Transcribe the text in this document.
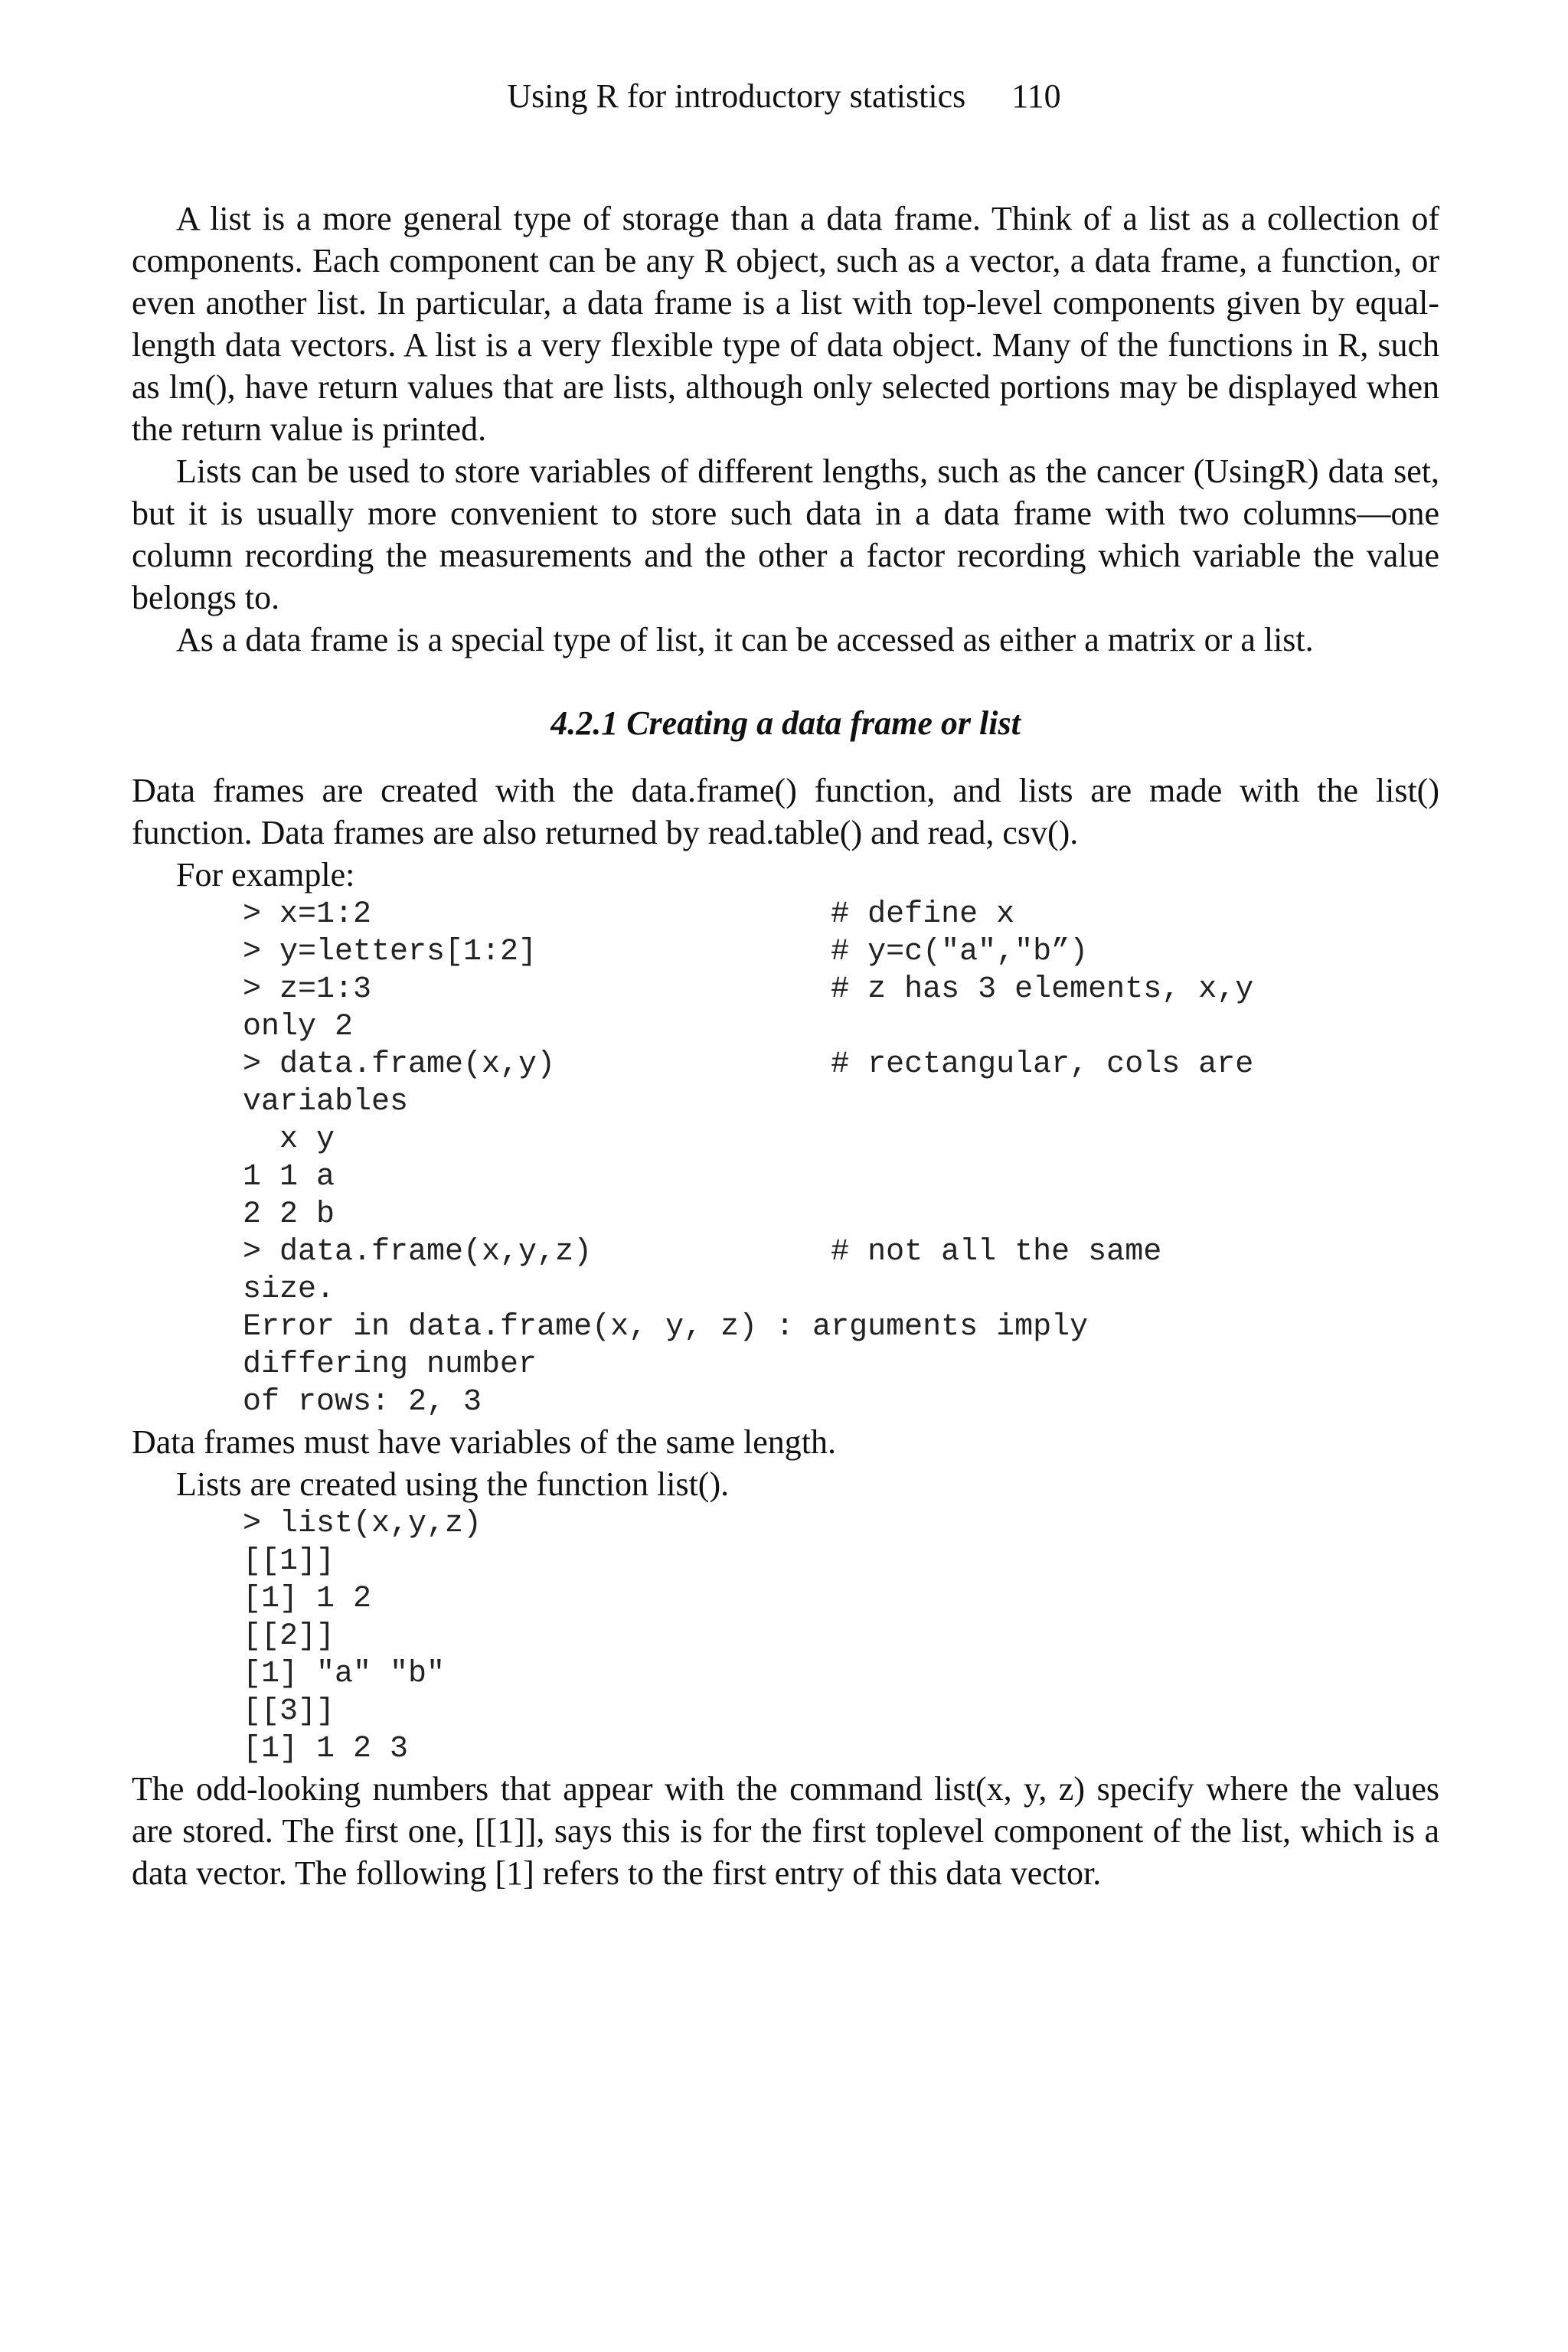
Using R for introductory statistics 110

A list is a more general type of storage than a data frame. Think of a list as a collection of components. Each component can be any R object, such as a vector, a data frame, a function, or even another list. In particular, a data frame is a list with top-level components given by equal-length data vectors. A list is a very flexible type of data object. Many of the functions in R, such as lm(), have return values that are lists, although only selected portions may be displayed when the return value is printed.

Lists can be used to store variables of different lengths, such as the cancer (UsingR) data set, but it is usually more convenient to store such data in a data frame with two columns—one column recording the measurements and the other a factor recording which variable the value belongs to.

As a data frame is a special type of list, it can be accessed as either a matrix or a list.

4.2.1 Creating a data frame or list

Data frames are created with the data.frame() function, and lists are made with the list() function. Data frames are also returned by read.table() and read, csv().

For example:

> x=1:2                         # define x
> y=letters[1:2]                # y=c("a","b”)
> z=1:3                         # z has 3 elements, x,y
only 2
> data.frame(x,y)               # rectangular, cols are
variables
x y
1 1 a
2 2 b
> data.frame(x,y,z)             # not all the same
size.
Error in data.frame(x, y, z) : arguments imply
differing number
of rows: 2, 3

Data frames must have variables of the same length.

Lists are created using the function list().

> list(x,y,z)
[[1]]
[1] 1 2
[[2]]
[1] "a" "b"
[[3]]
[1] 1 2 3

The odd-looking numbers that appear with the command list(x, y, z) specify where the values are stored. The first one, [[1]], says this is for the first toplevel component of the list, which is a data vector. The following [1] refers to the first entry of this data vector.
